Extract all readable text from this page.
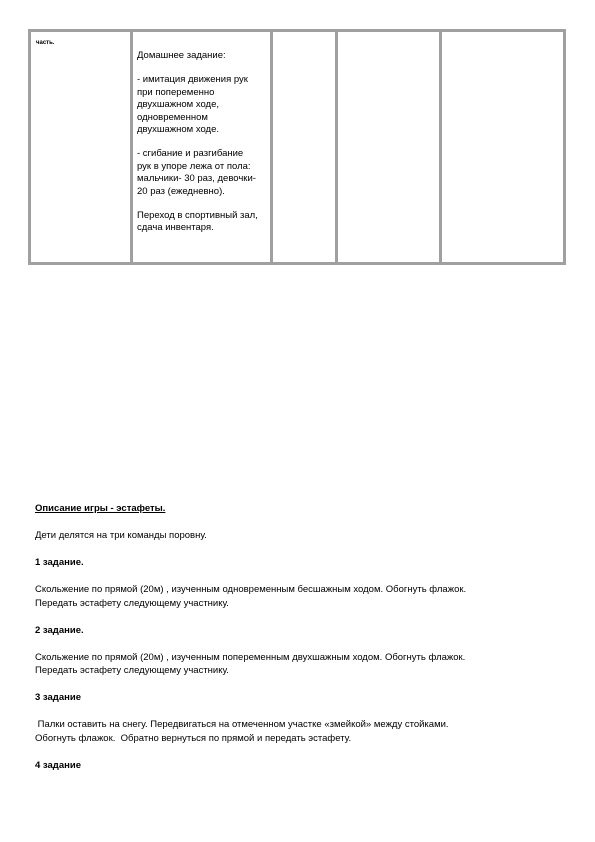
часть.	

Домашнее задание:

- имитация движения рук
при попеременно
двухшажном ходе,
одновременном
двухшажном ходе.

- сгибание и разгибание
рук в упоре лежа от пола:
мальчики- 30 раз, девочки-
20 раз (ежедневно).

Переход в спортивный зал,
сдача инвентаря.

Описание игры - эстафеты.

Дети делятся на три команды поровну.

1 задание.

Скольжение по прямой (20м) , изученным одновременным бесшажным ходом. Обогнуть флажок.
Передать эстафету следующему участнику.

2 задание.

Скольжение по прямой (20м) , изученным попеременным двухшажным ходом. Обогнуть флажок.
Передать эстафету следующему участнику.

3 задание

Палки оставить на снегу. Передвигаться на отмеченном участке «змейкой» между стойками.
Обогнуть флажок.  Обратно вернуться по прямой и передать эстафету.

4 задание
